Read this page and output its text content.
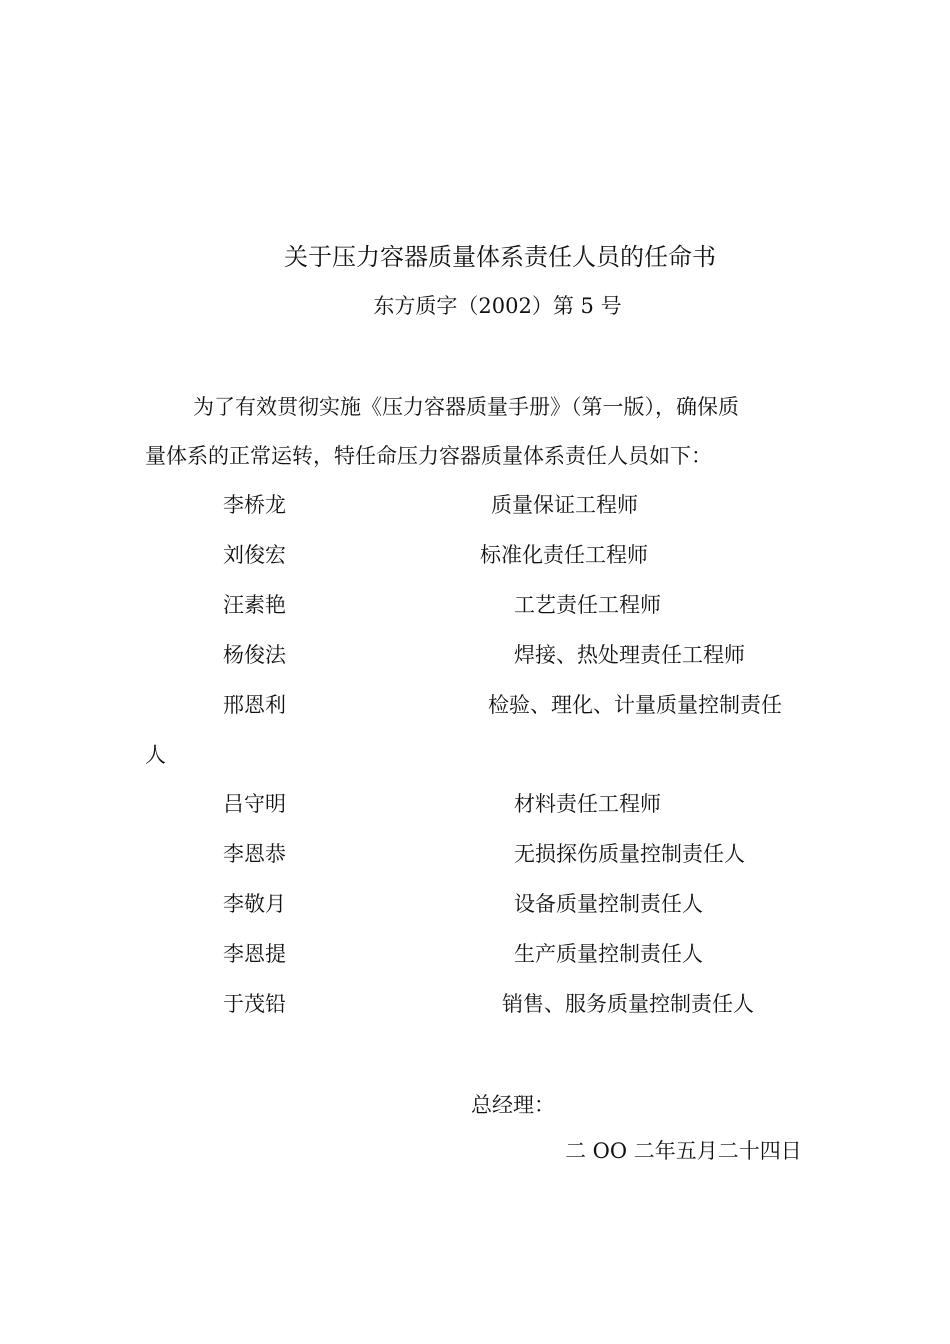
关于压力容器质量体系责任人员的任命书
东方质字（2002）第 5 号
为了有效贯彻实施《压力容器质量手册》（第一版），确保质
量体系的正常运转，特任命压力容器质量体系责任人员如下：
李桥龙	质量保证工程师
刘俊宏	标准化责任工程师
汪素艳	工艺责任工程师
杨俊法	焊接、热处理责任工程师
邢恩利	检验、理化、计量质量控制责任
人
吕守明	材料责任工程师
李恩恭	无损探伤质量控制责任人
李敬月	设备质量控制责任人
李恩提	生产质量控制责任人
于茂铅	销售、服务质量控制责任人
总经理：
二 OO 二年五月二十四日
